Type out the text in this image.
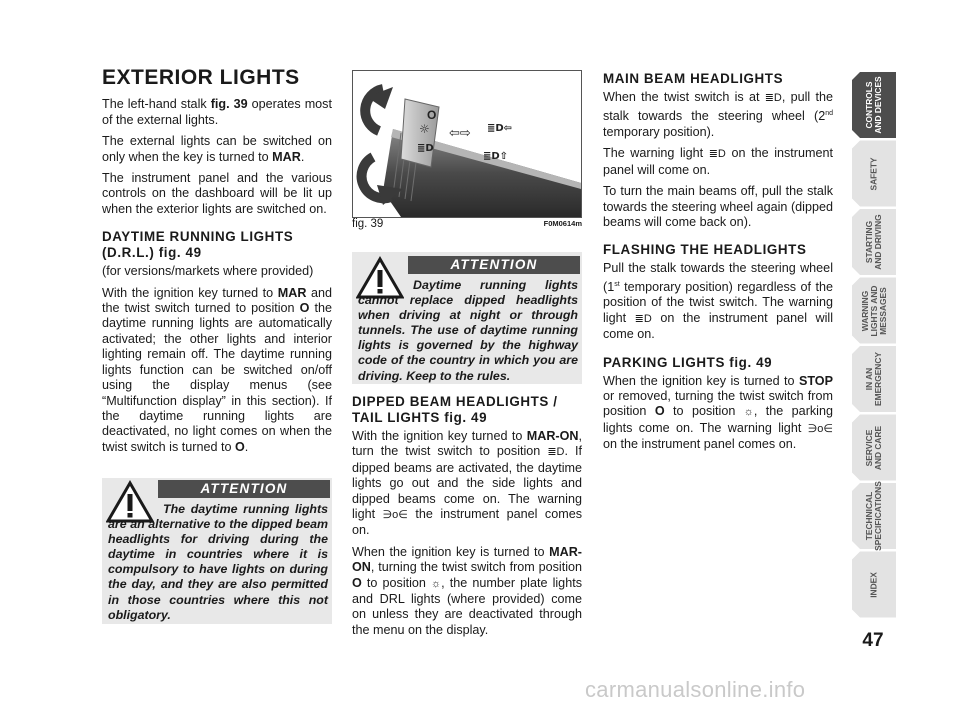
EXTERIOR LIGHTS

The left-hand stalk fig. 39 operates most of the external lights.

The external lights can be switched on only when the key is turned to MAR.

The instrument panel and the various controls on the dashboard will be lit up when the exterior lights are switched on.

DAYTIME RUNNING LIGHTS (D.R.L.) fig. 49

(for versions/markets where provided)

With the ignition key turned to MAR and the twist switch turned to position O the daytime running lights are automatically activated; the other lights and interior lighting remain off. The daytime running lights function can be switched on/off using the display menus (see “Multifunction display” in this section). If the daytime running lights are deactivated, no light comes on when the twist switch is turned to O.

ATTENTION
The daytime running lights are an alternative to the dipped beam headlights for driving during the daytime in countries where it is compulsory to have lights on during the day, and they are also permitted in those countries where this not obligatory.
O
☼
≣D
⇦⇨ ≣D⇦
≣D⇧
fig. 39	F0M0614m
ATTENTION
Daytime running lights cannot replace dipped headlights when driving at night or through tunnels. The use of daytime running lights is governed by the highway code of the country in which you are driving. Keep to the rules.
DIPPED BEAM HEADLIGHTS / TAIL LIGHTS fig. 49

With the ignition key turned to MAR-ON, turn the twist switch to position ≣D. If dipped beams are activated, the daytime lights go out and the side lights and dipped beams come on. The warning light ∋o∈ the instrument panel comes on.

When the ignition key is turned to MAR-ON, turning the twist switch from position O to position ☼, the number plate lights and DRL lights (where provided) come on unless they are deactivated through the menu on the display.

MAIN BEAM HEADLIGHTS

When the twist switch is at ≣D, pull the stalk towards the steering wheel (2nd temporary position).

The warning light ≣D on the instrument panel will come on.

To turn the main beams off, pull the stalk towards the steering wheel again (dipped beams will come back on).

FLASHING THE HEADLIGHTS

Pull the stalk towards the steering wheel (1st temporary position) regardless of the position of the twist switch. The warning light ≣D on the instrument panel will come on.

PARKING LIGHTS fig. 49

When the ignition key is turned to STOP or removed, turning the twist switch from position O to position ☼, the parking lights come on. The warning light ∋o∈ on the instrument panel comes on.

CONTROLS
AND DEVICES
SAFETY
STARTING
AND DRIVING
WARNING
LIGHTS AND
MESSAGES
IN AN
EMERGENCY
SERVICE
AND CARE
TECHNICAL
SPECIFICATIONS
INDEX
47
carmanualsonline.info
